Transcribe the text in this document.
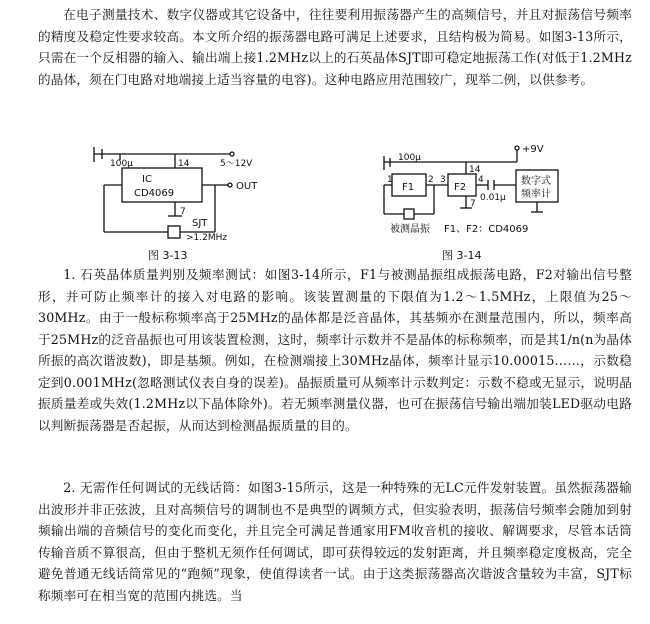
在电子测量技术、数字仪器或其它设备中，往往要利用振荡器产生的高频信号，并且对振荡信号频率的精度及稳定性要求较高。本文所介绍的振荡器电路可满足上述要求，且结构极为简易。如图3-13所示，只需在一个反相器的输入、输出端上接1.2MHz以上的石英晶体SJT即可稳定地振荡工作(对低于1.2MHz的晶体，须在门电路对地端接上适当容量的电容)。这种电路应用范围较广，现举二例，以供参考。

100μ	14	5～12V
IC
CD4069
OUT
7
SJT
>1.2MHz
图 3-13
+9V
100μ
1
F1
2 3
F2
14
4
0.01μ
7
数字式
频率计
被测晶振 F1、F2：CD4069
图 3-14

1. 石英晶体质量判别及频率测试：如图3-14所示，F1与被测晶振组成振荡电路，F2对输出信号整形，并可防止频率计的接入对电路的影响。该装置测量的下限值为1.2～1.5MHz，上限值为25～30MHz。由于一般标称频率高于25MHz的晶体都是泛音晶体，其基频亦在测量范围内，所以，频率高于25MHz的泛音晶振也可用该装置检测，这时，频率计示数并不是晶体的标称频率，而是其1/n(n为晶体所振的高次谐波数)，即是基频。例如，在检测端接上30MHz晶体，频率计显示10.00015……，示数稳定到0.001MHz(忽略测试仪表自身的误差)。晶振质量可从频率计示数判定：示数不稳或无显示，说明晶振质量差或失效(1.2MHz以下晶体除外)。若无频率测量仪器，也可在振荡信号输出端加装LED驱动电路以判断振荡器是否起振，从而达到检测晶振质量的目的。

2. 无需作任何调试的无线话筒：如图3-15所示，这是一种特殊的无LC元件发射装置。虽然振荡器输出波形并非正弦波，且对高频信号的调制也不是典型的调频方式，但实验表明，振荡信号频率会随加到射频输出端的音频信号的变化而变化，并且完全可满足普通家用FM收音机的接收、解调要求，尽管本话筒传输音质不算很高，但由于整机无须作任何调试，即可获得较远的发射距离，并且频率稳定度极高，完全避免普通无线话筒常见的“跑频”现象，使值得读者一试。由于这类振荡器高次谐波含量较为丰富，SJT标称频率可在相当宽的范围内挑选。当
